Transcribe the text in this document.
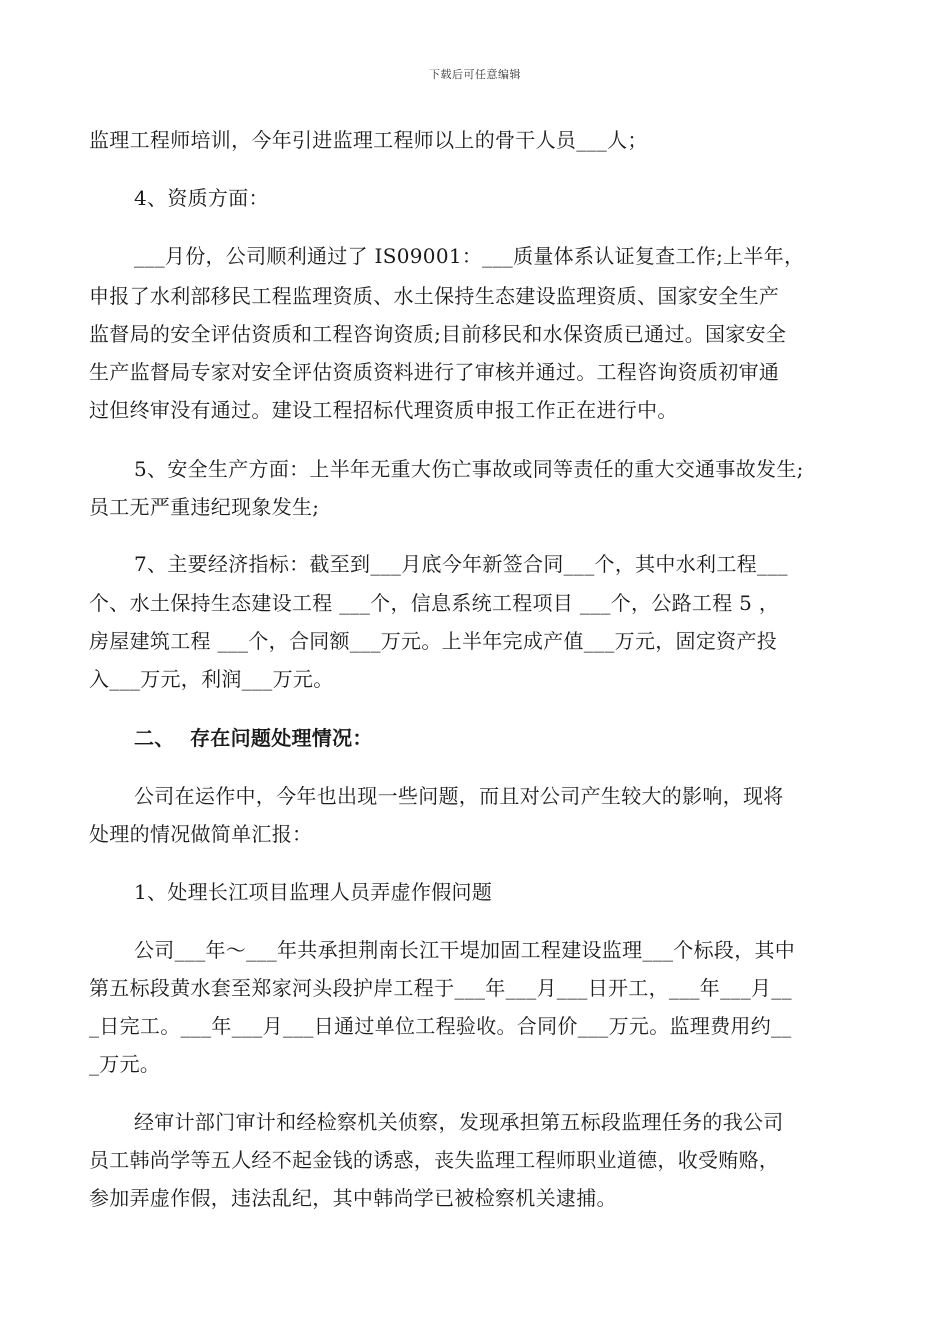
下载后可任意编辑
监理工程师培训，今年引进监理工程师以上的骨干人员___人；
4、资质方面：
___月份，公司顺利通过了 IS09001：___质量体系认证复查工作;上半年，
申报了水利部移民工程监理资质、水土保持生态建设监理资质、国家安全生产
监督局的安全评估资质和工程咨询资质;目前移民和水保资质已通过。国家安全
生产监督局专家对安全评估资质资料进行了审核并通过。工程咨询资质初审通
过但终审没有通过。建设工程招标代理资质申报工作正在进行中。
5、安全生产方面：上半年无重大伤亡事故或同等责任的重大交通事故发生;
员工无严重违纪现象发生;
7、主要经济指标：截至到___月底今年新签合同___个，其中水利工程___
个、水土保持生态建设工程 ___个，信息系统工程项目 ___个，公路工程 5 ，
房屋建筑工程 ___个，合同额___万元。上半年完成产值___万元，固定资产投
入___万元，利润___万元。
二、 存在问题处理情况：
公司在运作中，今年也出现一些问题，而且对公司产生较大的影响，现将
处理的情况做简单汇报：
1、处理长江项目监理人员弄虚作假问题
公司___年～___年共承担荆南长江干堤加固工程建设监理___个标段，其中
第五标段黄水套至郑家河头段护岸工程于___年___月___日开工，___年___月__
_日完工。___年___月___日通过单位工程验收。合同价___万元。监理费用约__
_万元。
经审计部门审计和经检察机关侦察，发现承担第五标段监理任务的我公司
员工韩尚学等五人经不起金钱的诱惑，丧失监理工程师职业道德，收受贿赂，
参加弄虚作假，违法乱纪，其中韩尚学已被检察机关逮捕。
